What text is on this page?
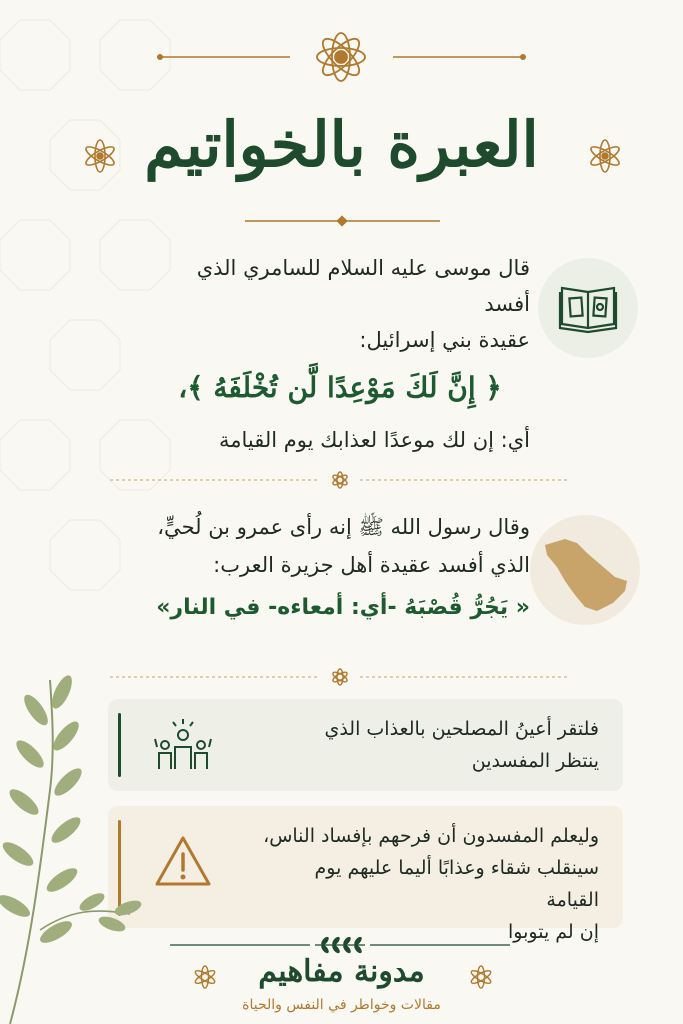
العبرة بالخواتيم
قال موسى عليه السلام للسامري الذي أفسد
عقيدة بني إسرائيل:
﴿ إِنَّ لَكَ مَوْعِدًا لَّن تُخْلَفَهُ ﴾،
أي: إن لك موعدًا لعذابك يوم القيامة
وقال رسول الله ﷺ إنه رأى عمرو بن لُحيٍّ،
الذي أفسد عقيدة أهل جزيرة العرب:
« يَجُرُّ قُصْبَهُ -أي: أمعاءه- في النار»
فلتقر أعينُ المصلحين بالعذاب الذي
ينتظر المفسدين
وليعلم المفسدون أن فرحهم بإفساد الناس،
سينقلب شقاء وعذابًا أليما عليهم يوم القيامة
إن لم يتوبوا
مدونة مفاهيم
مقالات وخواطر في النفس والحياة
